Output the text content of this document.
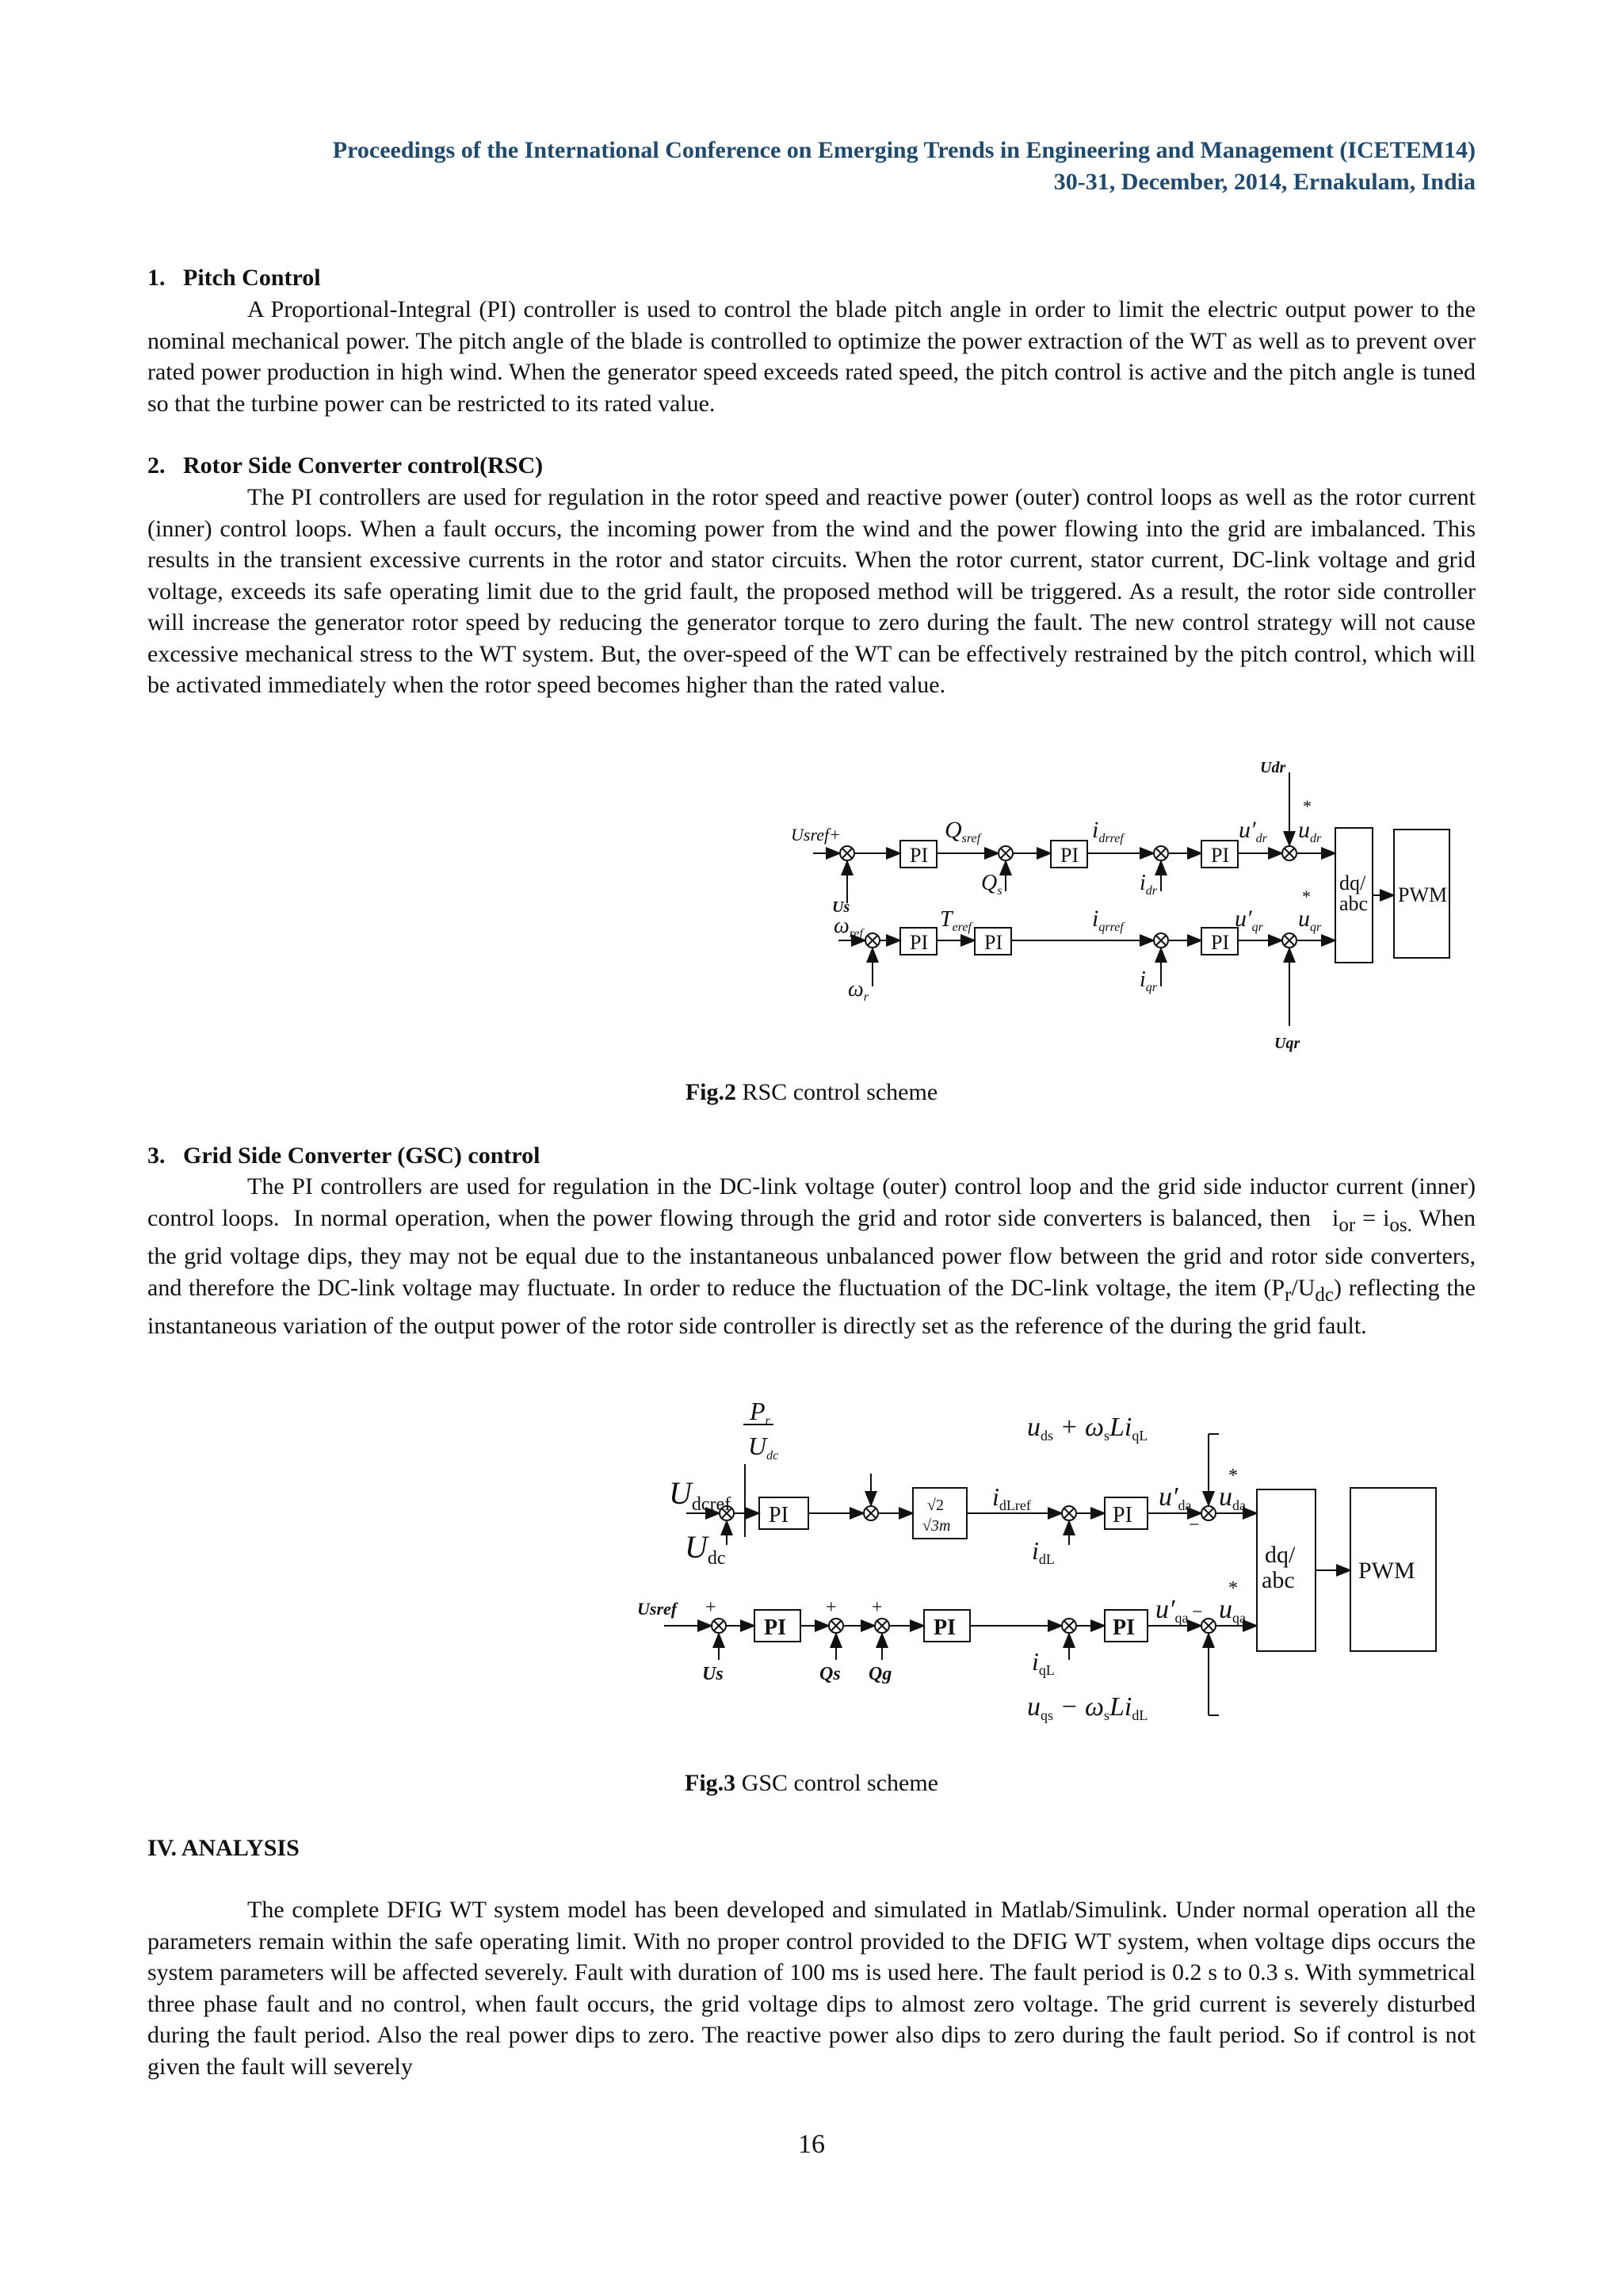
Proceedings of the International Conference on Emerging Trends in Engineering and Management (ICETEM14)
30-31, December, 2014, Ernakulam, India
1.   Pitch Control
A Proportional-Integral (PI) controller is used to control the blade pitch angle in order to limit the electric output power to the nominal mechanical power. The pitch angle of the blade is controlled to optimize the power extraction of the WT as well as to prevent over rated power production in high wind. When the generator speed exceeds rated speed, the pitch control is active and the pitch angle is tuned so that the turbine power can be restricted to its rated value.
2.   Rotor Side Converter control(RSC)
The PI controllers are used for regulation in the rotor speed and reactive power (outer) control loops as well as the rotor current (inner) control loops. When a fault occurs, the incoming power from the wind and the power flowing into the grid are imbalanced. This results in the transient excessive currents in the rotor and stator circuits. When the rotor current, stator current, DC-link voltage and grid voltage, exceeds its safe operating limit due to the grid fault, the proposed method will be triggered. As a result, the rotor side controller will increase the generator rotor speed by reducing the generator torque to zero during the fault. The new control strategy will not cause excessive mechanical stress to the WT system. But, the over-speed of the WT can be effectively restrained by the pitch control, which will be activated immediately when the rotor speed becomes higher than the rated value.
PI	PI	PI
PI	PI	PI
dq/
abc PWM
Udr
Uqr
Usref+
Us
$Q_{sref}$
$Q_s$
$i_{drref}$
$i_{dr}$
$u'_{dr}$ $u_{dr}$
*
$\omega_{ref}$
$\omega_r$
$T_{eref}$	$i_{qrref}$
$i_{qr}$
$u'_{qr}$ $u_{qr}$
*
Fig.2 RSC control scheme
3.   Grid Side Converter (GSC) control
The PI controllers are used for regulation in the DC-link voltage (outer) control loop and the grid side inductor current (inner) control loops.  In normal operation, when the power flowing through the grid and rotor side converters is balanced, then   $i_{or} = i_{os.}$ When the grid voltage dips, they may not be equal due to the instantaneous unbalanced power flow between the grid and rotor side converters, and therefore the DC-link voltage may fluctuate. In order to reduce the fluctuation of the DC-link voltage, the item $(P_r/U_{dc})$ reflecting the instantaneous variation of the output power of the rotor side controller is directly set as the reference of the during the grid fault.
PI	PI
PI	PI	PI
√2
√3m
dq/
abc	PWM
Pr
Udc
$U_{dcref}$
$U_{dc}$
idLref
idL
u′da uda
*
uds + ωsLiqL
Usref
Us	Qs Qg	iqL
u′qa uqa
*
uqs − ωsLidL
+	+ +	−
−
Fig.3 GSC control scheme
IV. ANALYSIS
The complete DFIG WT system model has been developed and simulated in Matlab/Simulink. Under normal operation all the parameters remain within the safe operating limit. With no proper control provided to the DFIG WT system, when voltage dips occurs the system parameters will be affected severely. Fault with duration of 100 ms is used here. The fault period is 0.2 s to 0.3 s. With symmetrical three phase fault and no control, when fault occurs, the grid voltage dips to almost zero voltage. The grid current is severely disturbed during the fault period. Also the real power dips to zero. The reactive power also dips to zero during the fault period. So if control is not given the fault will severely
16
